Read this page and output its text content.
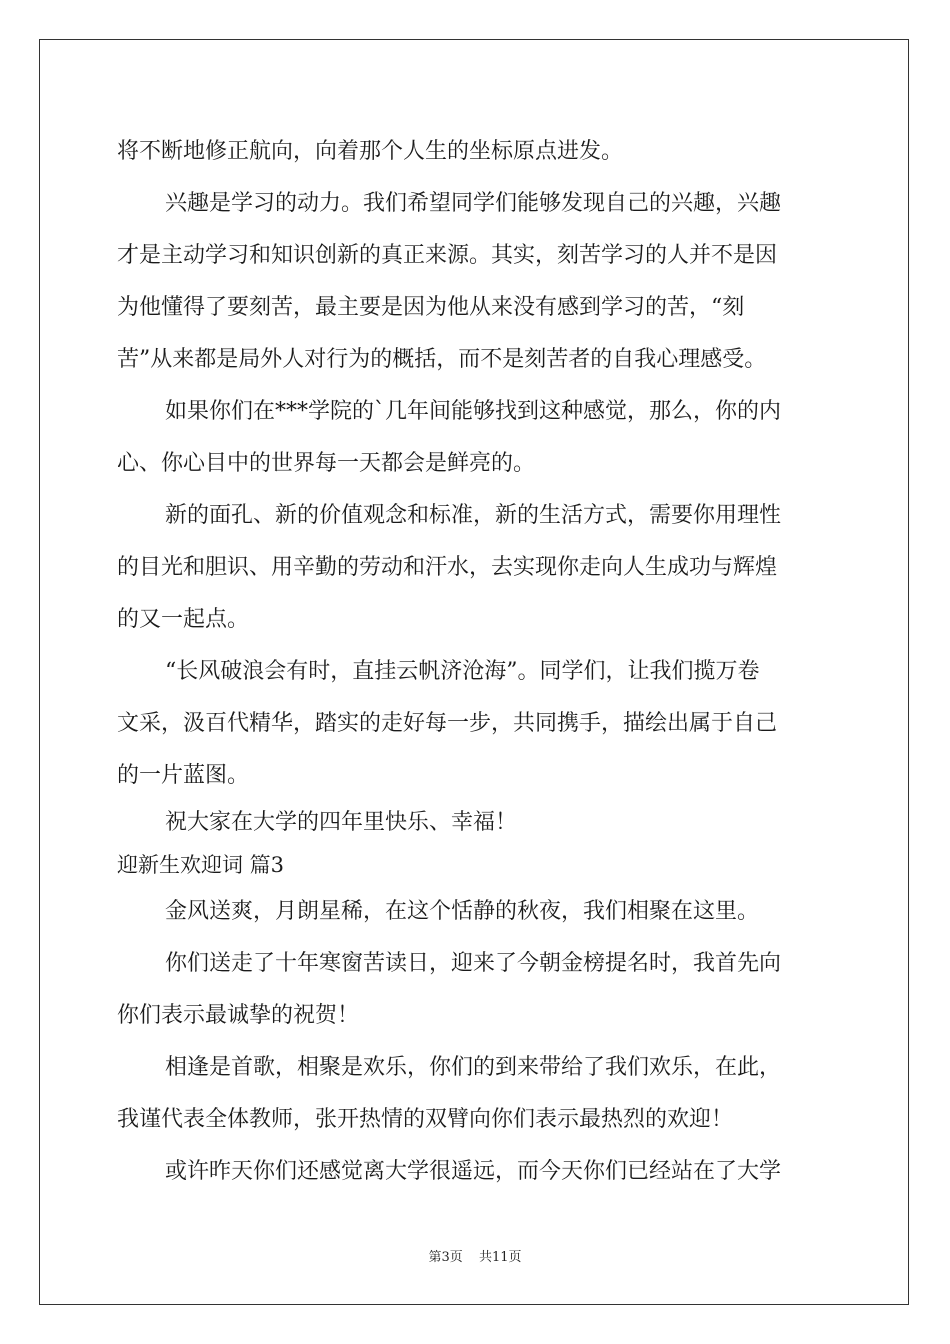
将不断地修正航向，向着那个人生的坐标原点进发。
兴趣是学习的动力。我们希望同学们能够发现自己的兴趣，兴趣
才是主动学习和知识创新的真正来源。其实，刻苦学习的人并不是因
为他懂得了要刻苦，最主要是因为他从来没有感到学习的苦，“刻
苦”从来都是局外人对行为的概括，而不是刻苦者的自我心理感受。
如果你们在***学院的`几年间能够找到这种感觉，那么，你的内
心、你心目中的世界每一天都会是鲜亮的。
新的面孔、新的价值观念和标准，新的生活方式，需要你用理性
的目光和胆识、用辛勤的劳动和汗水，去实现你走向人生成功与辉煌
的又一起点。
“长风破浪会有时，直挂云帆济沧海”。同学们，让我们揽万卷
文采，汲百代精华，踏实的走好每一步，共同携手，描绘出属于自己
的一片蓝图。
祝大家在大学的四年里快乐、幸福！
迎新生欢迎词 篇3
金风送爽，月朗星稀，在这个恬静的秋夜，我们相聚在这里。
你们送走了十年寒窗苦读日，迎来了今朝金榜提名时，我首先向
你们表示最诚挚的祝贺！
相逢是首歌，相聚是欢乐，你们的到来带给了我们欢乐，在此，
我谨代表全体教师，张开热情的双臂向你们表示最热烈的欢迎！
或许昨天你们还感觉离大学很遥远，而今天你们已经站在了大学
第3页 共11页
